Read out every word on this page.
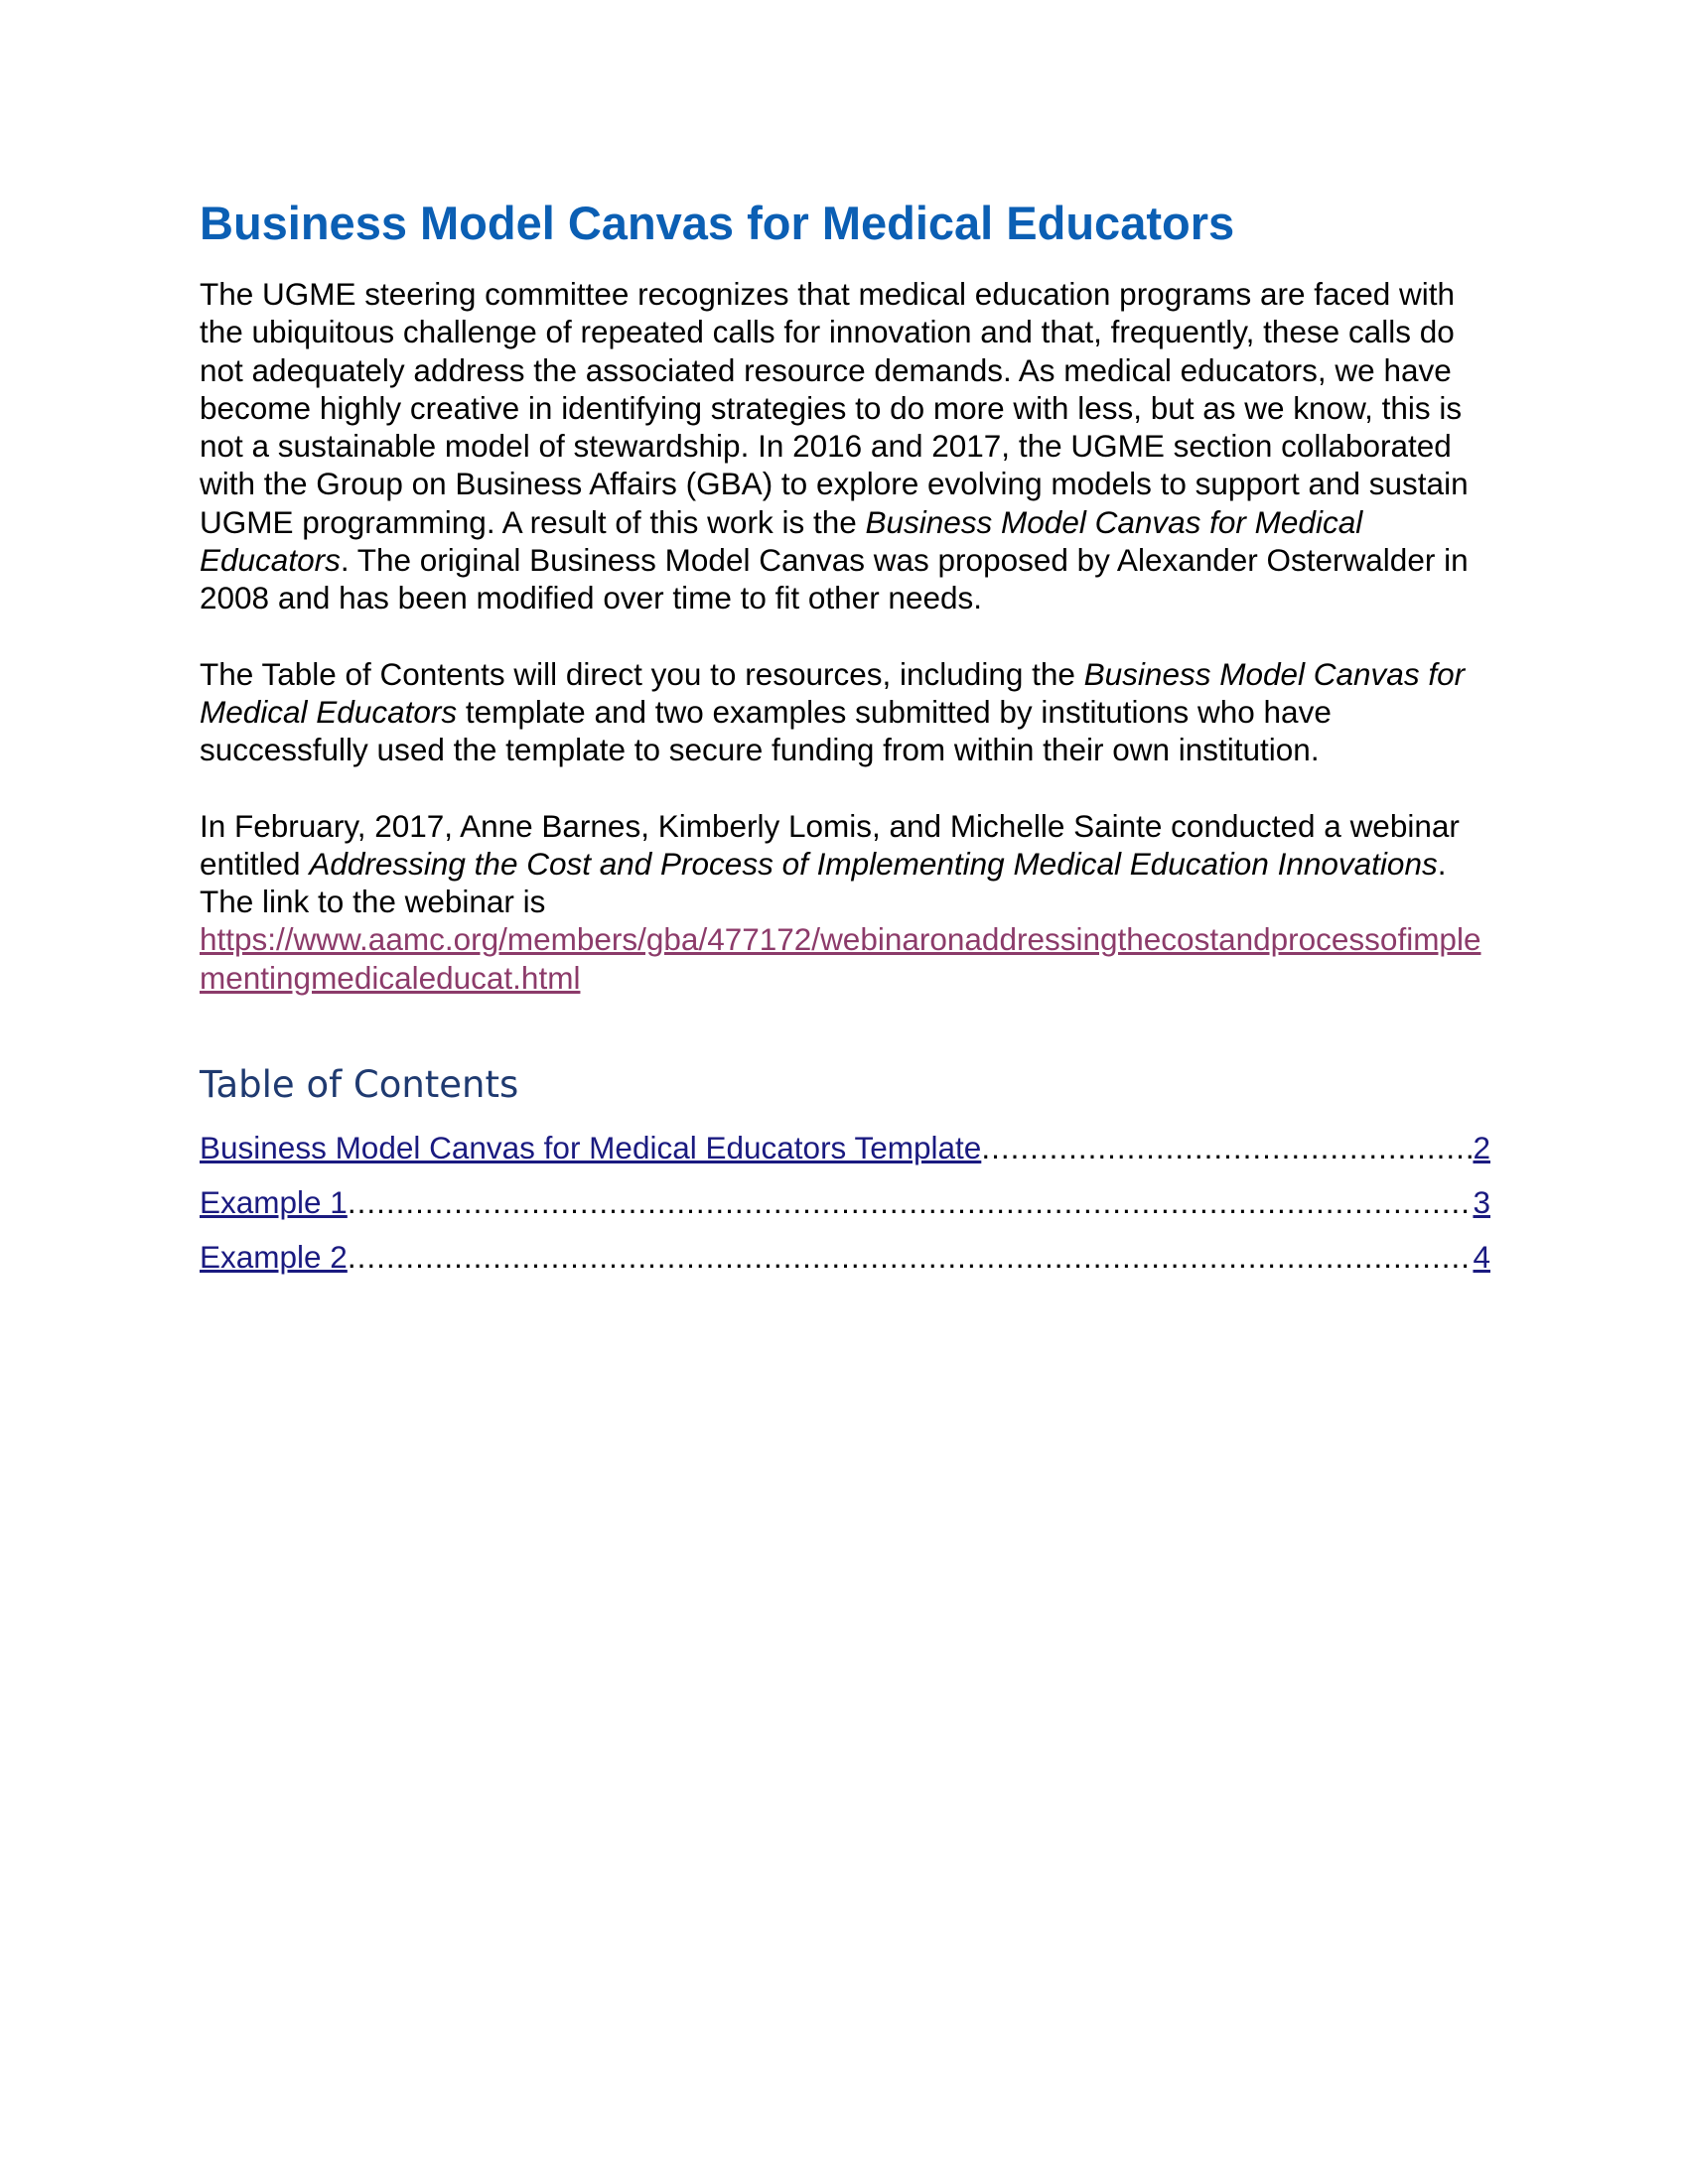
Business Model Canvas for Medical Educators

The UGME steering committee recognizes that medical education programs are faced with the ubiquitous challenge of repeated calls for innovation and that, frequently, these calls do not adequately address the associated resource demands. As medical educators, we have become highly creative in identifying strategies to do more with less, but as we know, this is not a sustainable model of stewardship. In 2016 and 2017, the UGME section collaborated with the Group on Business Affairs (GBA) to explore evolving models to support and sustain UGME programming. A result of this work is the Business Model Canvas for Medical Educators. The original Business Model Canvas was proposed by Alexander Osterwalder in 2008 and has been modified over time to fit other needs.

The Table of Contents will direct you to resources, including the Business Model Canvas for Medical Educators template and two examples submitted by institutions who have successfully used the template to secure funding from within their own institution.

In February, 2017, Anne Barnes, Kimberly Lomis, and Michelle Sainte conducted a webinar entitled Addressing the Cost and Process of Implementing Medical Education Innovations. The link to the webinar is
https://www.aamc.org/members/gba/477172/webinaronaddressingthecostandprocessofimplementingmedicaleducat.html

Table of Contents
Business Model Canvas for Medical Educators Template .....	2
Example 1 .....	3
Example 2 .....	4
